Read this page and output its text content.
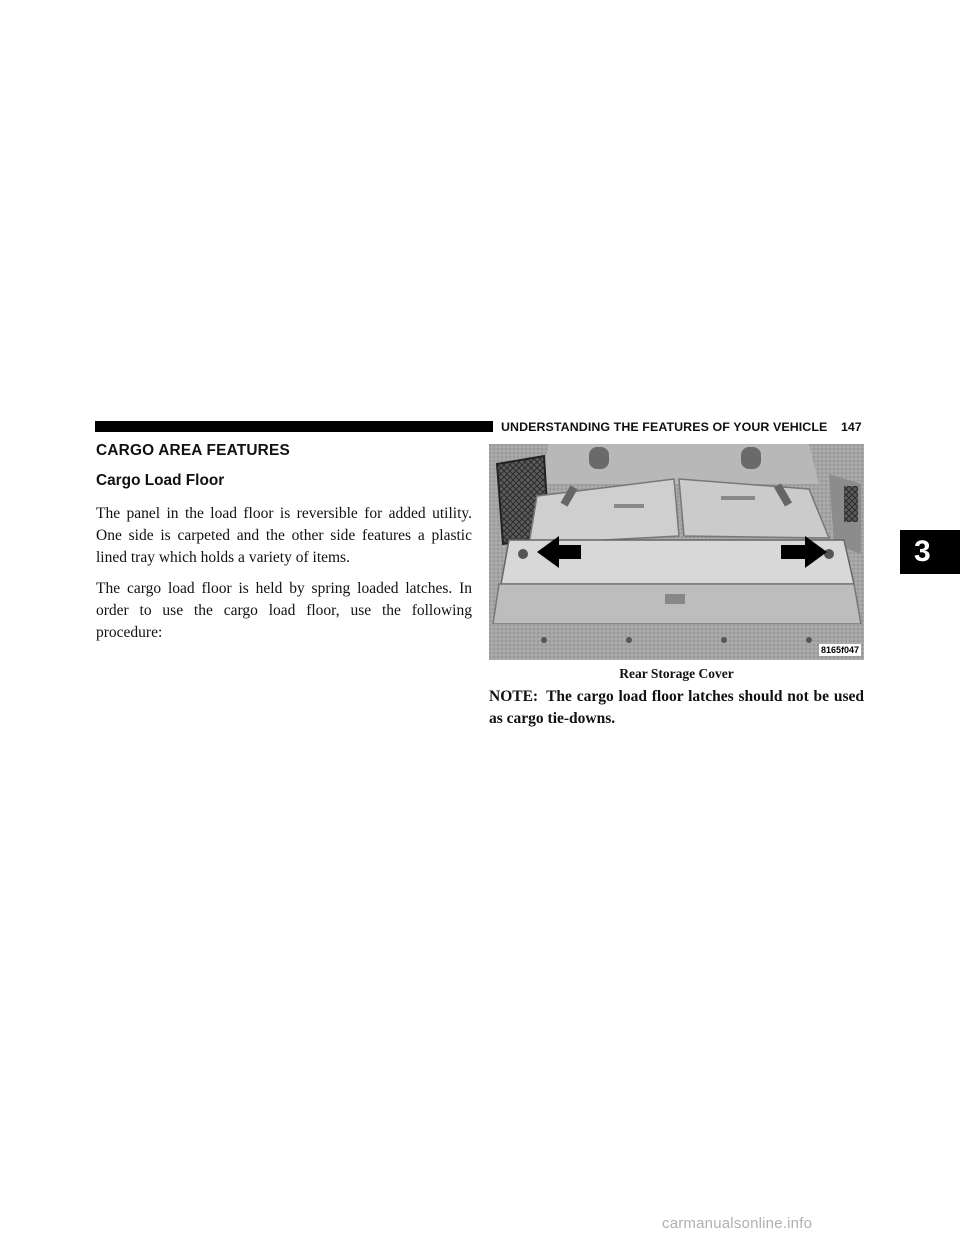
UNDERSTANDING THE FEATURES OF YOUR VEHICLE	147
3
CARGO AREA FEATURES
Cargo Load Floor

The panel in the load floor is reversible for added utility. One side is carpeted and the other side features a plastic lined tray which holds a variety of items.

The cargo load floor is held by spring loaded latches. In order to use the cargo load floor, use the following procedure:

8165f047
Rear Storage Cover
NOTE: The cargo load floor latches should not be used as cargo tie-downs.
carmanualsonline.info
